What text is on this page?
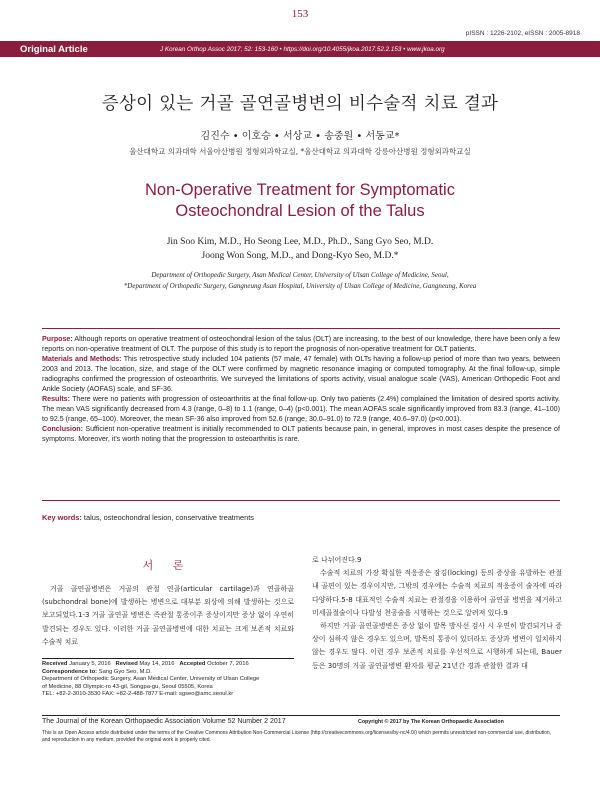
153
pISSN : 1226-2102, eISSN : 2005-8918
Original Article	J Korean Orthop Assoc 2017; 52: 153-160 • https://doi.org/10.4055/jkoa.2017.52.2.153 • www.jkoa.org
증상이 있는 거골 골연골병변의 비수술적 치료 결과
김진수 • 이호승 • 서상교 • 송중원 • 서동교*
울산대학교 의과대학 서울아산병원 정형외과학교실, *울산대학교 의과대학 강릉아산병원 정형외과학교실
Non-Operative Treatment for Symptomatic
Osteochondral Lesion of the Talus
Jin Soo Kim, M.D., Ho Seong Lee, M.D., Ph.D., Sang Gyo Seo, M.D.
Joong Won Song, M.D., and Dong-Kyo Seo, M.D.*
Department of Orthopedic Surgery, Asan Medical Center, University of Ulsan College of Medicine, Seoul,
*Department of Orthopedic Surgery, Gangneung Asan Hospital, University of Ulsan College of Medicine, Gangneung, Korea

Purpose: Although reports on operative treatment of osteochondral lesion of the talus (OLT) are increasing, to the best of our knowledge, there have been only a few reports on non-operative treatment of OLT. The purpose of this study is to report the prognosis of non-operative treatment for OLT patients.

Materials and Methods: This retrospective study included 104 patients (57 male, 47 female) with OLTs having a follow-up period of more than two years, between 2003 and 2013. The location, size, and stage of the OLT were confirmed by magnetic resonance imaging or computed tomography. At the final follow-up, simple radiographs confirmed the progression of osteoarthritis. We surveyed the limitations of sports activity, visual analogue scale (VAS), American Orthopedic Foot and Ankle Society (AOFAS) scale, and SF-36.

Results: There were no patients with progression of osteoarthritis at the final follow-up. Only two patients (2.4%) complained the limitation of desired sports activity. The mean VAS significantly decreased from 4.3 (range, 0–8) to 1.1 (range, 0–4) (p<0.001). The mean AOFAS scale significantly improved from 83.3 (range, 41–100) to 92.5 (range, 65–100). Moreover, the mean SF-36 also improved from 52.6 (range, 30.0–91.0) to 72.9 (range, 40.6–97.0) (p<0.001).

Conclusion: Sufficient non-operative treatment is initially recommended to OLT patients because pain, in general, improves in most cases despite the presence of symptoms. Moreover, it's worth noting that the progression to osteoarthritis is rare.

Key words: talus, osteochondral lesion, conservative treatments
서 론

거골 골연골병변은 거골의 관절 연골(articular cartilage)과 연골하골(subchondral bone)에 발생하는 병변으로 대부분 외상에 의해 발생하는 것으로 보고되었다.1-3 거골 골연골 병변은 족관절 통증이주 증상이지만 증상 없이 우연히 발견되는 경우도 있다. 이러한 거골 골연골병변에 대한 치료는 크게 보존적 치료와 수술적 치료

로 나뉘어진다.9

수술적 치료의 가장 확실한 적응증은 잠김(locking) 등의 증상을 유발하는 관절 내 골편이 있는 경우이지만, 그밖의 경우에는 수술적 치료의 적응증이 술자에 따라 다양하다.5-8 대표적인 수술적 치료는 관절경을 이용하여 골연골 병변을 제거하고 미세골절술이나 다발성 천공술을 시행하는 것으로 알려져 있다.9

하지만 거골 골연골병변은 증상 없이 발목 방사선 검사 시 우연히 발견되거나 증상이 심하지 않은 경우도 있으며, 발목의 통증이 있더라도 증상과 병변이 일치하지 않는 경우도 많다. 이런 경우 보존적 치료를 우선적으로 시행하게 되는데, Bauer 등은 30명의 거골 골연골병변 환자를 평균 21년간 경과 관찰한 결과 대

Received January 5, 2016 Revised May 14, 2016 Accepted October 7, 2016
Correspondence to: Sang Gyo Seo, M.D.
Department of Orthopedic Surgery, Asan Medical Center, University of Ulsan College
of Medicine, 88 Olympic-ro 43-gil, Songpa-gu, Seoul 05505, Korea
TEL: +82-2-3010-3530 FAX: +82-2-488-7877 E-mail: sgseo@amc.seoul.kr
The Journal of the Korean Orthopaedic Association Volume 52 Number 2 2017	Copyright © 2017 by The Korean Orthopaedic Association
This is an Open Access article distributed under the terms of the Creative Commons Attribution Non-Commercial License (http://creativecommons.org/licenses/by-nc/4.0/) which permits unrestricted non-commercial use, distribution, and reproduction in any medium, provided the original work is properly cited.
